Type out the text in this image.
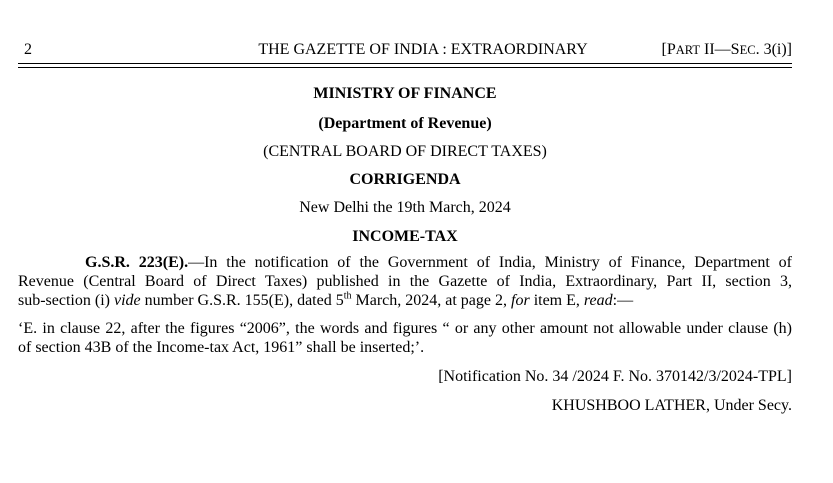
2	THE GAZETTE OF INDIA : EXTRAORDINARY	[PART II—SEC. 3(i)]
MINISTRY OF FINANCE
(Department of Revenue)
(CENTRAL BOARD OF DIRECT TAXES)
CORRIGENDA
New Delhi the 19th March, 2024
INCOME-TAX
G.S.R. 223(E).—In the notification of the Government of India, Ministry of Finance, Department of
Revenue (Central Board of Direct Taxes) published in the Gazette of India, Extraordinary, Part II, section 3,
sub-section (i) vide number G.S.R. 155(E), dated 5th March, 2024, at page 2, for item E, read:—
‘E. in clause 22, after the figures “2006”, the words and figures “ or any other amount not allowable under clause (h)
of section 43B of the Income-tax Act, 1961” shall be inserted;’.
[Notification No. 34 /2024 F. No. 370142/3/2024-TPL]
KHUSHBOO LATHER, Under Secy.
